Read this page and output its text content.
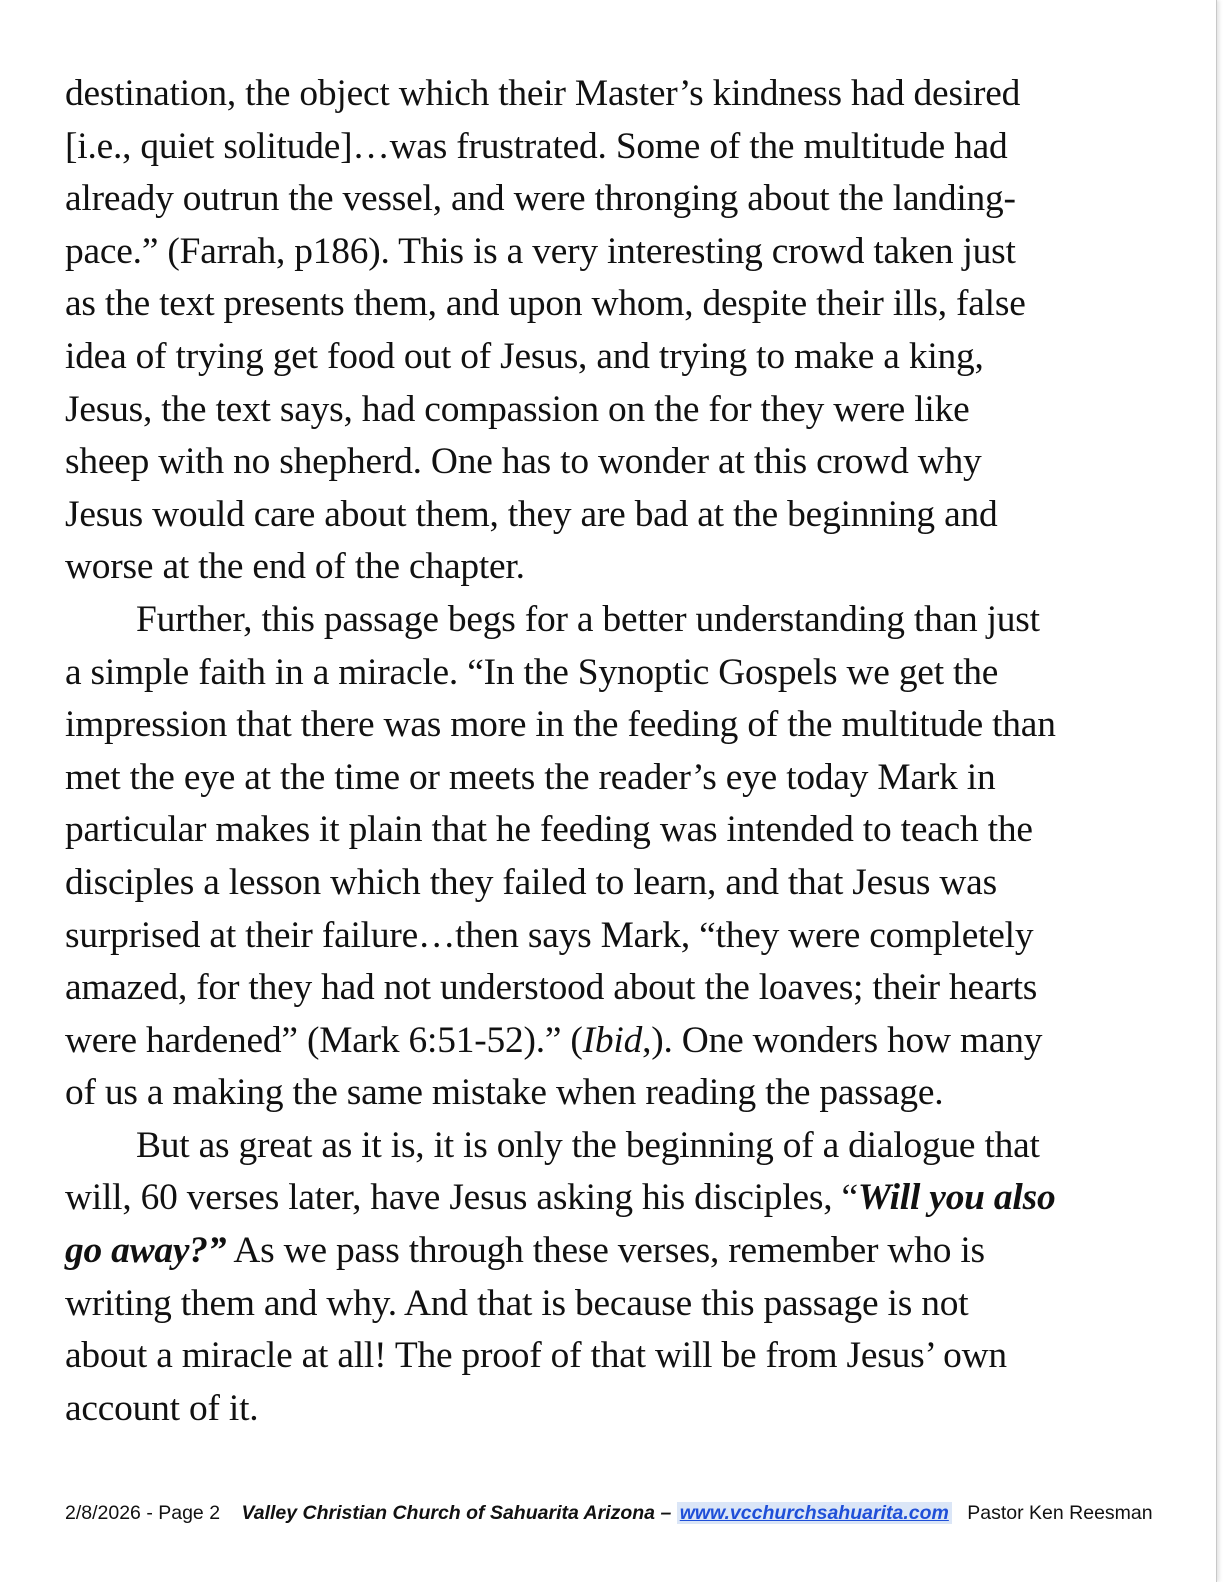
destination, the object which their Master’s kindness had desired
[i.e., quiet solitude]…was frustrated. Some of the multitude had
already outrun the vessel, and were thronging about the landing-
pace.” (Farrah, p186). This is a very interesting crowd taken just
as the text presents them, and upon whom, despite their ills, false
idea of trying get food out of Jesus, and trying to make a king,
Jesus, the text says, had compassion on the for they were like
sheep with no shepherd. One has to wonder at this crowd why
Jesus would care about them, they are bad at the beginning and
worse at the end of the chapter.
Further, this passage begs for a better understanding than just
a simple faith in a miracle. “In the Synoptic Gospels we get the
impression that there was more in the feeding of the multitude than
met the eye at the time or meets the reader’s eye today Mark in
particular makes it plain that he feeding was intended to teach the
disciples a lesson which they failed to learn, and that Jesus was
surprised at their failure…then says Mark, “they were completely
amazed, for they had not understood about the loaves; their hearts
were hardened” (Mark 6:51-52).” (Ibid,). One wonders how many
of us a making the same mistake when reading the passage.
But as great as it is, it is only the beginning of a dialogue that
will, 60 verses later, have Jesus asking his disciples, “Will you also
go away?” As we pass through these verses, remember who is
writing them and why. And that is because this passage is not
about a miracle at all! The proof of that will be from Jesus’ own
account of it.
2/8/2026 - Page 2 Valley Christian Church of Sahuarita Arizona – www.vcchurchsahuarita.com Pastor Ken Reesman
